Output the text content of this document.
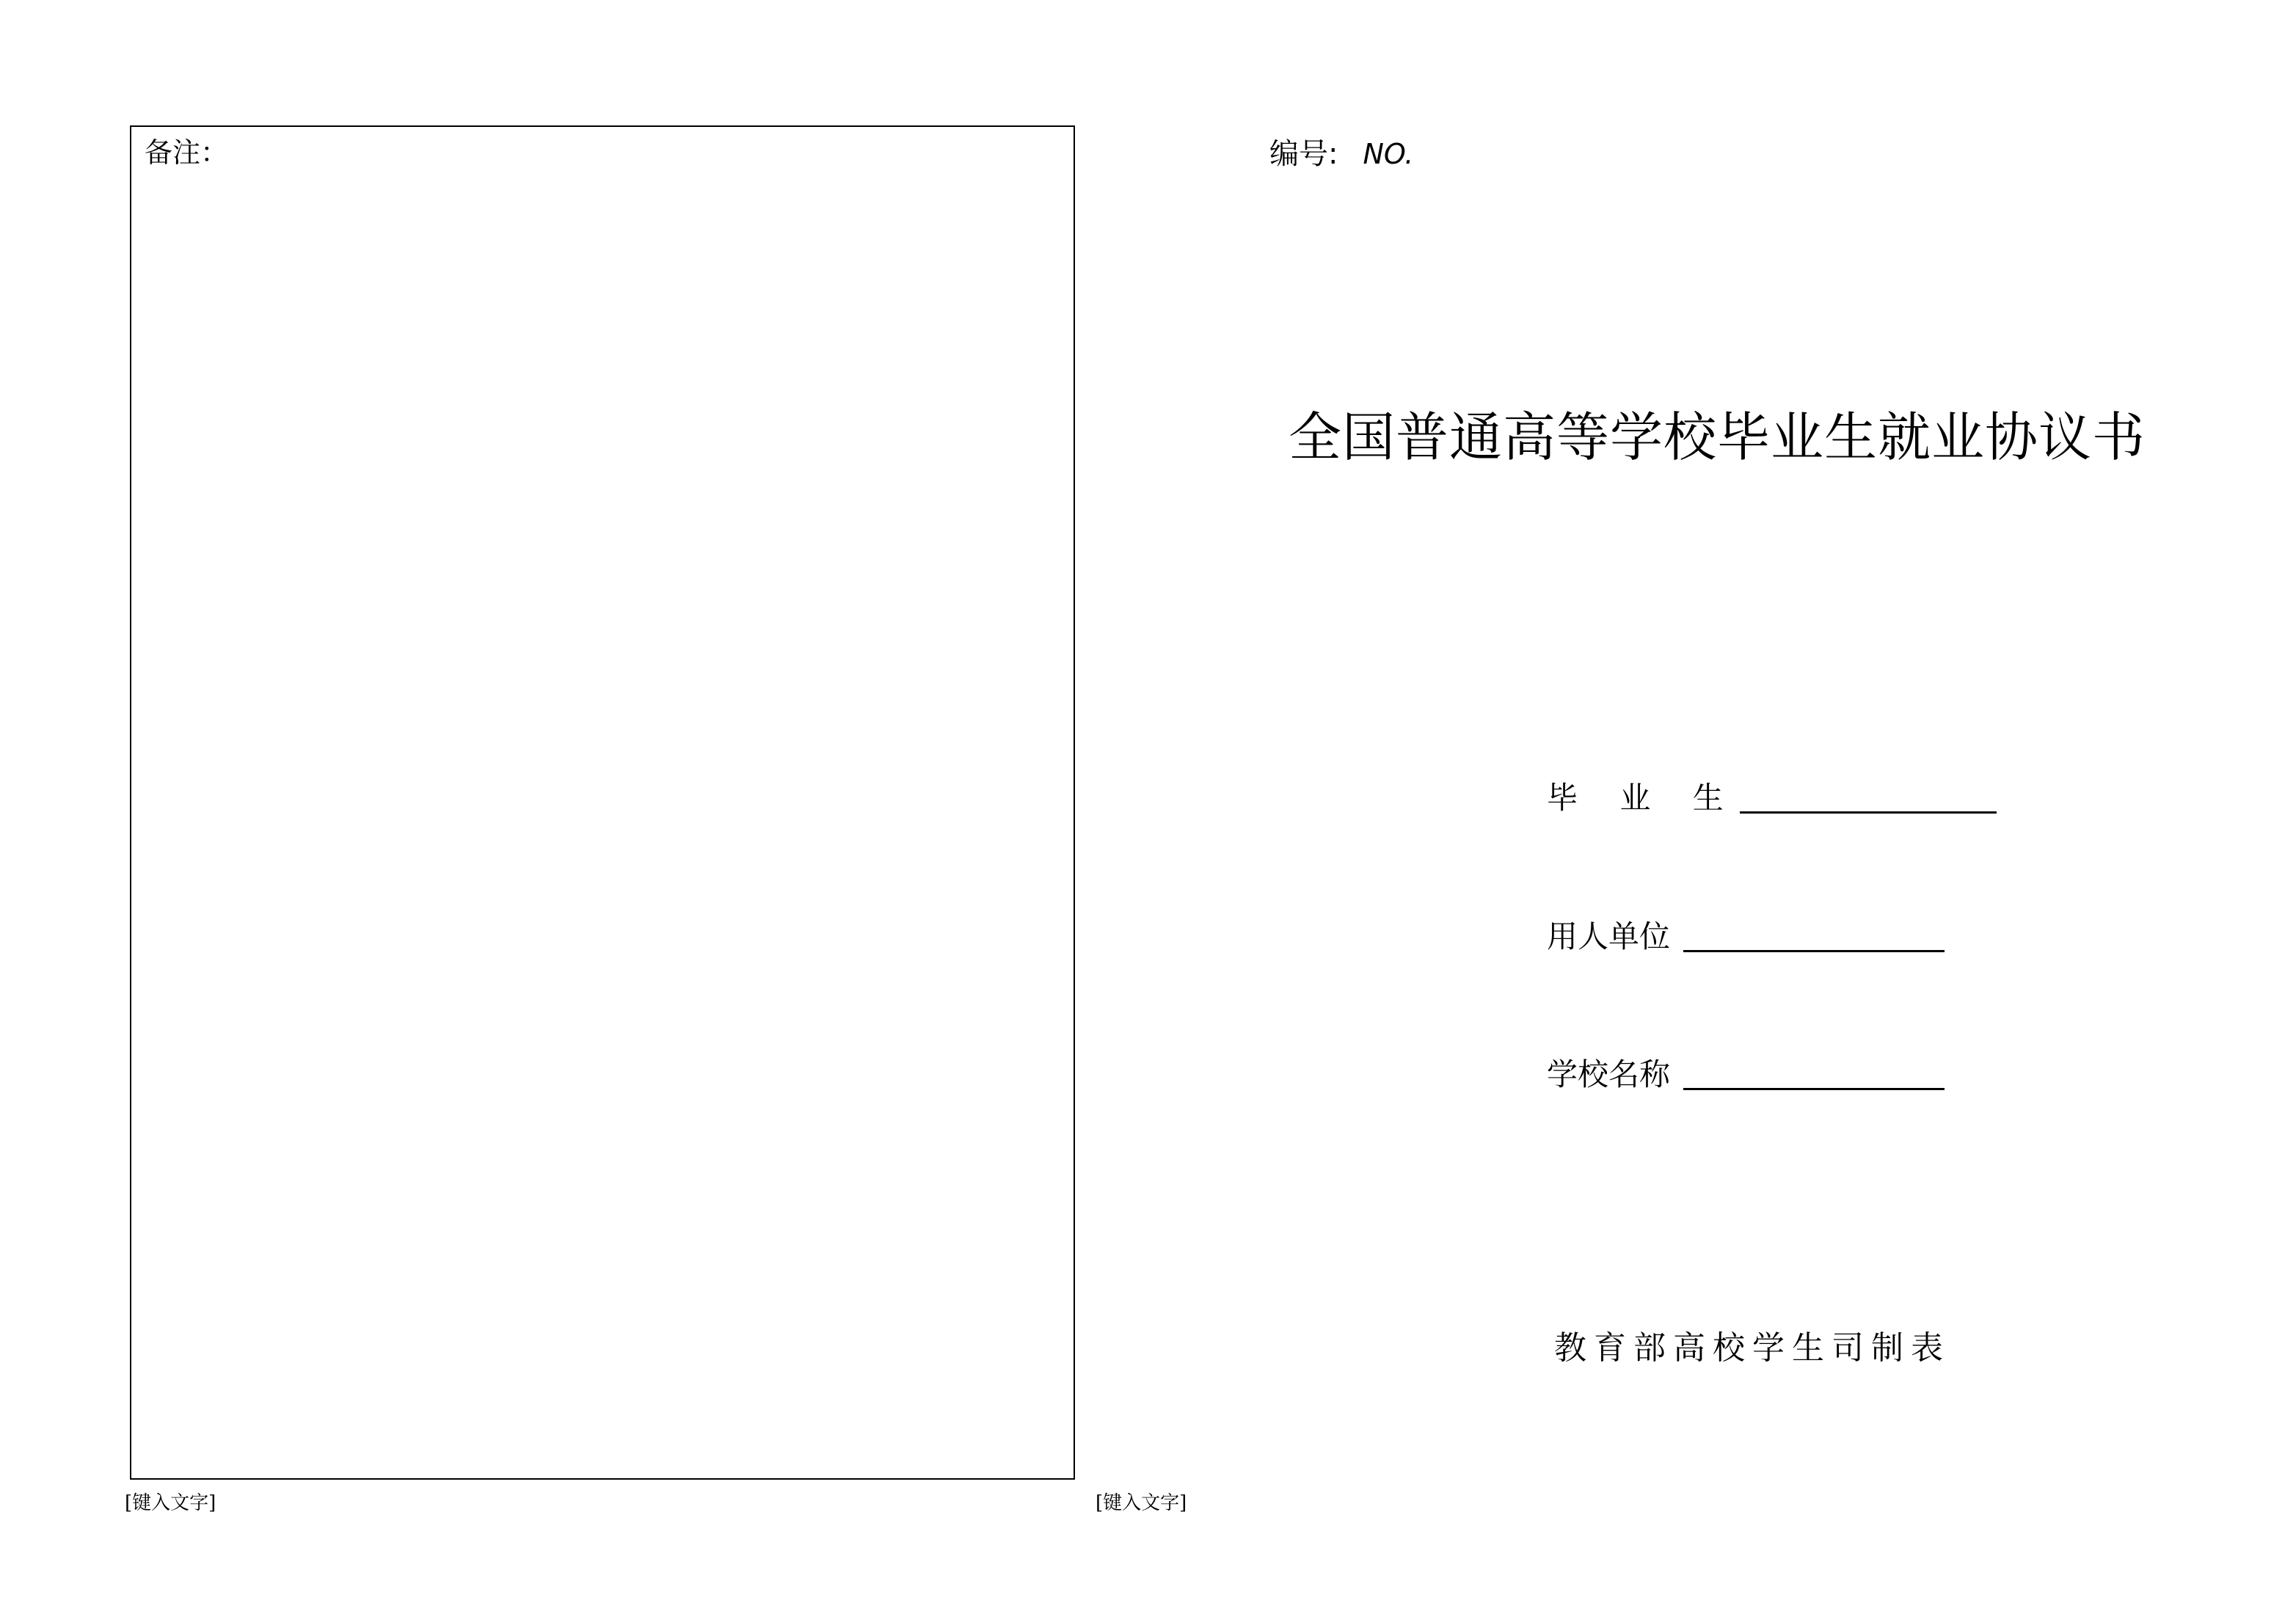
备注：
[键入文字]	[键入文字]
编号: NO.
全国普通高等学校毕业生就业协议书
毕 业 生
用人单位
学校名称
教育部高校学生司制表
